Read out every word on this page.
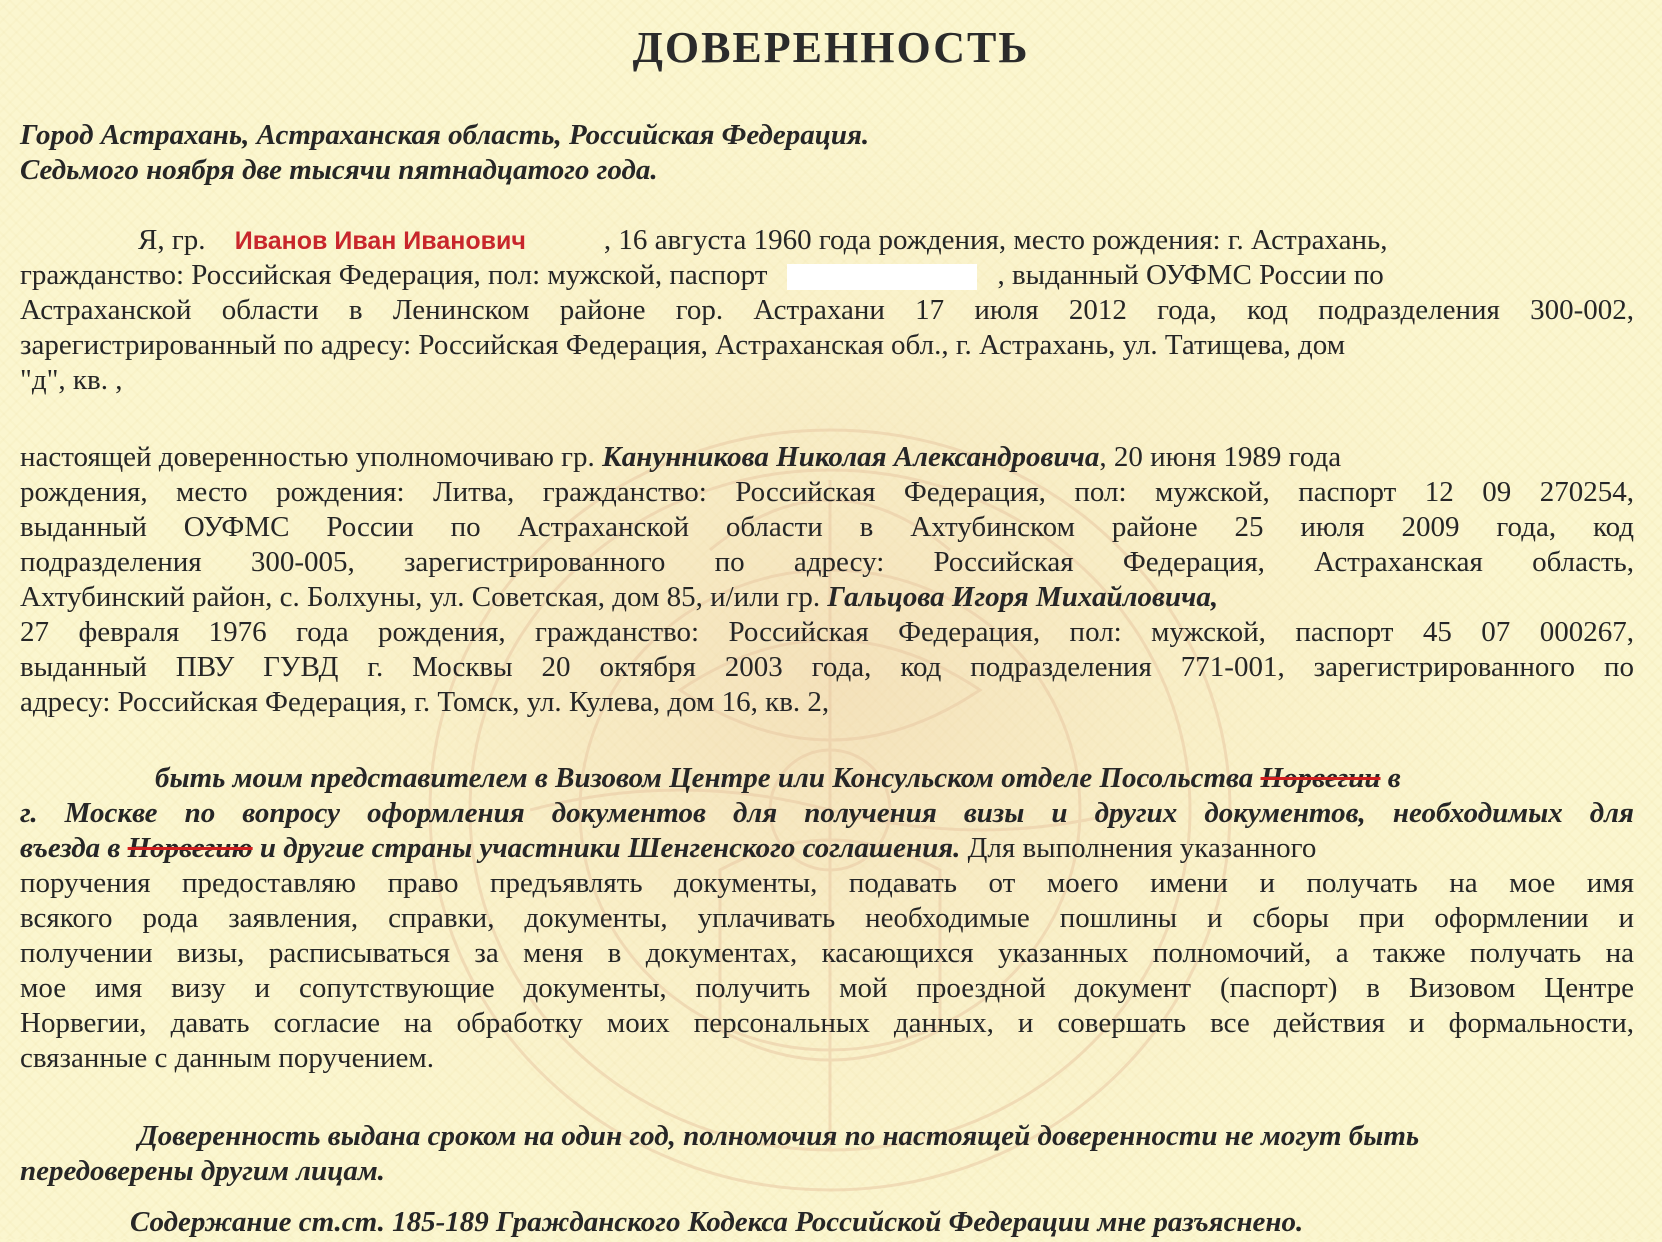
ДОВЕРЕННОСТЬ

Город Астрахань, Астраханская область, Российская Федерация.

Седьмого ноября две тысячи пятнадцатого года.

Я, гр. Иванов Иван Иванович	, 16 августа 1960 года рождения, место рождения: г. Астрахань,

гражданство: Российская Федерация, пол: мужской, паспорт	, выданный ОУФМС России по

Астраханской области в Ленинском районе гор. Астрахани 17 июля 2012 года, код подразделения 300-002,

зарегистрированный по адресу: Российская Федерация, Астраханская обл., г. Астрахань, ул. Татищева, дом

"д", кв. ,

настоящей доверенностью уполномочиваю гр. Канунникова Николая Александровича, 20 июня 1989 года

рождения, место рождения: Литва, гражданство: Российская Федерация, пол: мужской, паспорт 12 09 270254,

выданный ОУФМС России по Астраханской области в Ахтубинском районе 25 июля 2009 года, код

подразделения 300-005, зарегистрированного по адресу: Российская Федерация, Астраханская область,

Ахтубинский район, с. Болхуны, ул. Советская, дом 85, и/или гр. Гальцова Игоря Михайловича,

27 февраля 1976 года рождения, гражданство: Российская Федерация, пол: мужской, паспорт 45 07 000267,

выданный ПВУ ГУВД г. Москвы 20 октября 2003 года, код подразделения 771-001, зарегистрированного по

адресу: Российская Федерация, г. Томск, ул. Кулева, дом 16, кв. 2,

быть моим представителем в Визовом Центре или Консульском отделе Посольства Норвегии в

г. Москве по вопросу оформления документов для получения визы и других документов, необходимых для

въезда в Норвегию и другие страны участники Шенгенского соглашения. Для выполнения указанного

поручения предоставляю право предъявлять документы, подавать от моего имени и получать на мое имя

всякого рода заявления, справки, документы, уплачивать необходимые пошлины и сборы при оформлении и

получении визы, расписываться за меня в документах, касающихся указанных полномочий, а также получать на

мое имя визу и сопутствующие документы, получить мой проездной документ (паспорт) в Визовом Центре

Норвегии, давать согласие на обработку моих персональных данных, и совершать все действия и формальности,

связанные с данным поручением.

Доверенность выдана сроком на один год, полномочия по настоящей доверенности не могут быть

передоверены другим лицам.

Содержание ст.ст. 185-189 Гражданского Кодекса Российской Федерации мне разъяснено.
